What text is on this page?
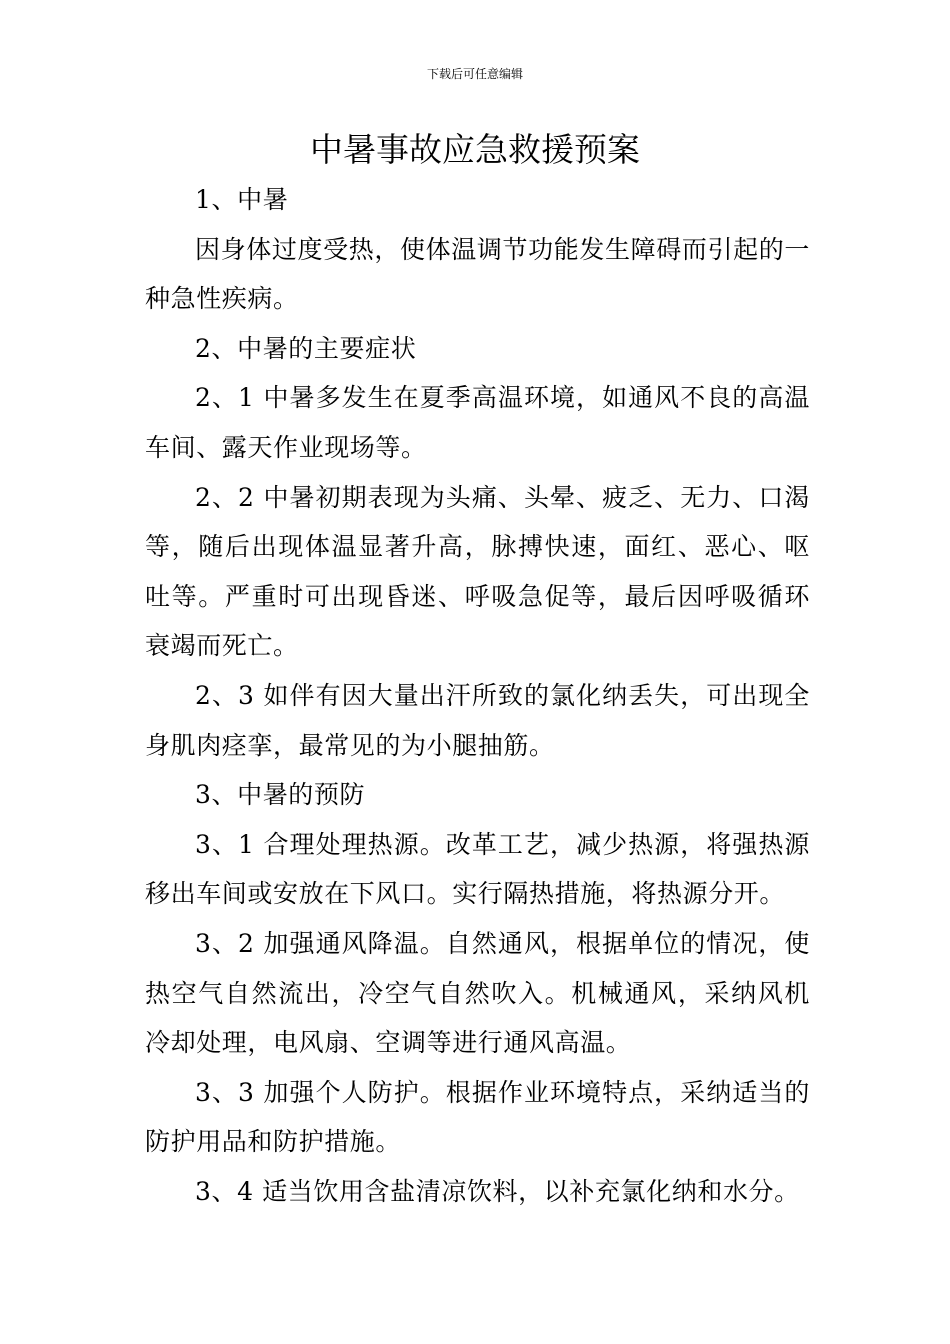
下载后可任意编辑
中暑事故应急救援预案

1、中暑

因身体过度受热，使体温调节功能发生障碍而引起的一种急性疾病。

2、中暑的主要症状

2、1 中暑多发生在夏季高温环境，如通风不良的高温车间、露天作业现场等。

2、2 中暑初期表现为头痛、头晕、疲乏、无力、口渴等，随后出现体温显著升高，脉搏快速，面红、恶心、呕吐等。严重时可出现昏迷、呼吸急促等，最后因呼吸循环衰竭而死亡。

2、3 如伴有因大量出汗所致的氯化纳丢失，可出现全身肌肉痉挛，最常见的为小腿抽筋。

3、中暑的预防

3、1 合理处理热源。改革工艺，减少热源，将强热源移出车间或安放在下风口。实行隔热措施，将热源分开。

3、2 加强通风降温。自然通风，根据单位的情况，使热空气自然流出，冷空气自然吹入。机械通风，采纳风机冷却处理，电风扇、空调等进行通风高温。

3、3 加强个人防护。根据作业环境特点，采纳适当的防护用品和防护措施。

3、4 适当饮用含盐清凉饮料，以补充氯化纳和水分。
